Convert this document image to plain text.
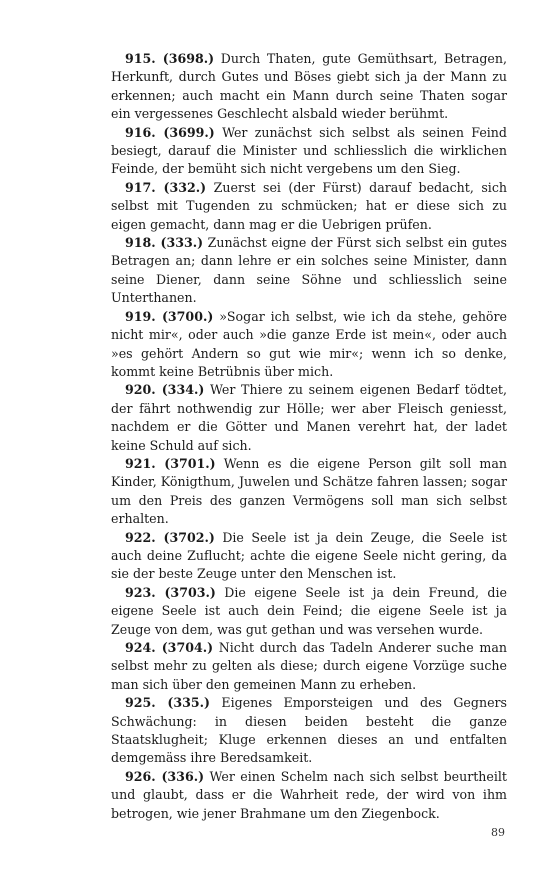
915. (3698.) Durch Thaten, gute Gemüthsart, Betragen, Herkunft, durch Gutes und Böses giebt sich ja der Mann zu erkennen; auch macht ein Mann durch seine Thaten sogar ein vergessenes Geschlecht alsbald wieder berühmt.

916. (3699.) Wer zunächst sich selbst als seinen Feind besiegt, darauf die Minister und schliesslich die wirklichen Feinde, der bemüht sich nicht vergebens um den Sieg.

917. (332.) Zuerst sei (der Fürst) darauf bedacht, sich selbst mit Tugenden zu schmücken; hat er diese sich zu eigen gemacht, dann mag er die Uebrigen prüfen.

918. (333.) Zunächst eigne der Fürst sich selbst ein gutes Betragen an; dann lehre er ein solches seine Minister, dann seine Diener, dann seine Söhne und schliesslich seine Unterthanen.

919. (3700.) »Sogar ich selbst, wie ich da stehe, gehöre nicht mir«, oder auch »die ganze Erde ist mein«, oder auch »es gehört Andern so gut wie mir«; wenn ich so denke, kommt keine Betrübnis über mich.

920. (334.) Wer Thiere zu seinem eigenen Bedarf tödtet, der fährt nothwendig zur Hölle; wer aber Fleisch geniesst, nachdem er die Götter und Manen verehrt hat, der ladet keine Schuld auf sich.

921. (3701.) Wenn es die eigene Person gilt soll man Kinder, Königthum, Juwelen und Schätze fahren lassen; sogar um den Preis des ganzen Vermögens soll man sich selbst erhalten.

922. (3702.) Die Seele ist ja dein Zeuge, die Seele ist auch deine Zuflucht; achte die eigene Seele nicht gering, da sie der beste Zeuge unter den Menschen ist.

923. (3703.) Die eigene Seele ist ja dein Freund, die eigene Seele ist auch dein Feind; die eigene Seele ist ja Zeuge von dem, was gut gethan und was versehen wurde.

924. (3704.) Nicht durch das Tadeln Anderer suche man selbst mehr zu gelten als diese; durch eigene Vorzüge suche man sich über den gemeinen Mann zu erheben.

925. (335.) Eigenes Emporsteigen und des Gegners Schwächung: in diesen beiden besteht die ganze Staatsklugheit; Kluge erkennen dieses an und entfalten demgemäss ihre Beredsamkeit.

926. (336.) Wer einen Schelm nach sich selbst beurtheilt und glaubt, dass er die Wahrheit rede, der wird von ihm betrogen, wie jener Brahmane um den Ziegenbock.

89
